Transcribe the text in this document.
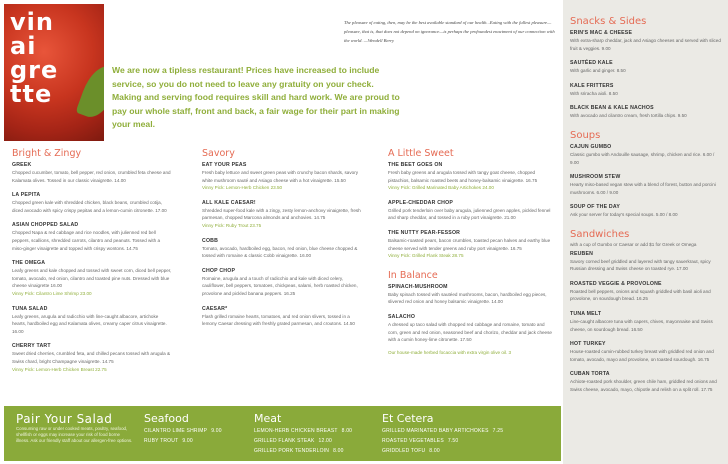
vin
ai
gre
tte
The pleasure of eating, then, may be the best available standard of our health...Eating with the fullest pleasure—pleasure, that is, that does not depend on ignorance—is perhaps the profoundest enactment of our connection with the world. —Wendell Berry
We are now a tipless restaurant! Prices have increased to include service, so you do not need to leave any gratuity on your check. Making and serving food requires skill and hard work. We are proud to pay our whole staff, front and back, a fair wage for their part in making your meal.
Bright & Zingy
GREEK
Chopped cucumber, tomato, bell pepper, red onion, crumbled feta cheese and Kalamata olives. Tossed in our classic vinaigrette. 14.00
LA PEPITA
Chopped green kale with shredded chicken, black beans, crumbled cotija, diced avocado with spicy crispy pepitas and a lemon-cumin citronette. 17.00
ASIAN CHOPPED SALAD
Chopped Napa & red cabbage and rice noodles, with julienned red bell peppers, scallions, shredded carrots, cilantro and peanuts. Tossed with a miso-ginger vinaigrette and topped with crispy wontons. 14.75
THE OMEGA
Leafy greens and kale chopped and tossed with sweet corn, diced bell pepper, tomato, avocado, red onion, cilantro and toasted pine nuts. Dressed with blue cheese vinaigrette 16.00
Vinny Pick: Cilantro Lime Shrimp 23.00
TUNA SALAD
Leafy greens, arugula and radicchio with line-caught albacore, artichoke hearts, hardboiled egg and Kalamata olives, creamy caper citrus vinaigrette. 16.00
CHERRY TART
Sweet dried cherries, crumbled feta, and chilled pecans tossed with arugula & Swiss chard, bright Champagne vinaigrette. 14.75
Vinny Pick: Lemon-Herb Chicken Breast 22.75
Savory
EAT YOUR PEAS
Fresh baby lettuce and sweet green peas with crunchy bacon shards, savory white mushroom sauté and Asiago cheese with a hot vinaigrette. 15.50
Vinny Pick: Lemon-Herb Chicken 23.50
ALL KALE CAESAR!
Shredded super-food kale with a zingy, zesty lemon-anchovy vinaigrette, fresh parmesan, chopped Marcona almonds and anchovies. 14.75
Vinny Pick: Ruby Trout 23.75
COBB
Tomato, avocado, hardboiled egg, bacon, red onion, blue cheese chopped & tossed with romaine & classic Cobb vinaigrette. 16.00
CHOP CHOP
Romaine, arugula and a touch of radicchio and kale with diced celery, cauliflower, bell peppers, tomatoes, chickpeas, salami, herb roasted chicken, provolone and pickled banana peppers. 16.25
CAESAR*
Flash grilled romaine hearts, tomatoes, and red onion slivers, tossed in a lemony Caesar dressing with freshly grated parmesan, and croutons. 14.50
A Little Sweet
THE BEET GOES ON
Fresh baby greens and arugula tossed with tangy goat cheese, chopped pistachios, balsamic roasted beets and honey-balsamic vinaigrette. 16.75
Vinny Pick: Grilled Marinated Baby Artichokes 24.00
APPLE-CHEDDAR CHOP
Grilled pork tenderloin over baby arugula, julienned green apples, pickled fennel and sharp cheddar, and tossed in a ruby port vinaigrette. 21.00
THE NUTTY PEAR-FESSOR
Balsamic-roasted pears, bacon crumbles, toasted pecan halves and earthy blue cheese served with tender greens and ruby port vinaigrette. 16.75
Vinny Pick: Grilled Flank Steak 28.75
In Balance
SPINACH-MUSHROOM
Baby spinach tossed with sautéed mushrooms, bacon, hardboiled egg pieces, slivered red onion and honey balsamic vinaigrette. 14.00
SALACHO
A dressed up taco salad with chopped red cabbage and romaine, tomato and corn, green and red onion, seasoned beef and chorizo, cheddar and jack cheese with a cumin honey-lime citronette. 17.50
Our house-made herbed focaccia with extra virgin olive oil. 3
Pair Your Salad
Consuming raw or under cooked meats, poultry, seafood, shellfish or eggs may increase your risk of food borne illness. Ask our friendly staff about our allergen-free options.
Seafood
CILANTRO LIME SHRIMP 9.00
RUBY TROUT 9.00
Meat
LEMON-HERB CHICKEN BREAST 8.00
GRILLED FLANK STEAK 12.00
GRILLED PORK TENDERLOIN 8.00
Et Cetera
GRILLED MARINATED BABY ARTICHOKES 7.25
ROASTED VEGETABLES 7.50
GRIDDLED TOFU 8.00
Snacks & Sides
ERIN'S MAC & CHEESE
With extra-sharp cheddar, jack and Asiago cheeses and served with sliced fruit & veggies. 9.00
SAUTÉED KALE
With garlic and ginger. 8.50
KALE FRITTERS
With sriracha aioli. 8.50
BLACK BEAN & KALE NACHOS
With avocado and cilantro cream, fresh tortilla chips. 9.50
Soups
CAJUN GUMBO
Classic gumbo with Andouille sausage, shrimp, chicken and rice. 6.00 / 9.00
MUSHROOM STEW
Hearty miso-based vegan stew with a blend of forest, button and porcini mushrooms. 6.00 / 9.00
SOUP OF THE DAY
Ask your server for today's special soups. 5.00 / 8.00
Sandwiches
with a cup of Gumbo or Caesar or add $1 for Greek or Omega
REUBEN
Savory corned beef griddled and layered with tangy sauerkraut, spicy Russian dressing and Swiss cheese on toasted rye. 17.00
ROASTED VEGGIE & PROVOLONE
Roasted bell peppers, onions and squash griddled with basil aioli and provolone, on sourdough bread. 16.25
TUNA MELT
Line-caught albacore tuna with capers, chives, mayonnaise and Swiss cheese, on sourdough bread. 16.50
HOT TURKEY
House-roasted cumin-rubbed turkey breast with griddled red onion and tomato, avocado, mayo and provolone, on toasted sourdough. 16.75
CUBAN TORTA
Achiote-roasted pork shoulder, green chile ham, griddled red onions and Swiss cheese, avocado, mayo, chipotle and relish on a split roll. 17.75
